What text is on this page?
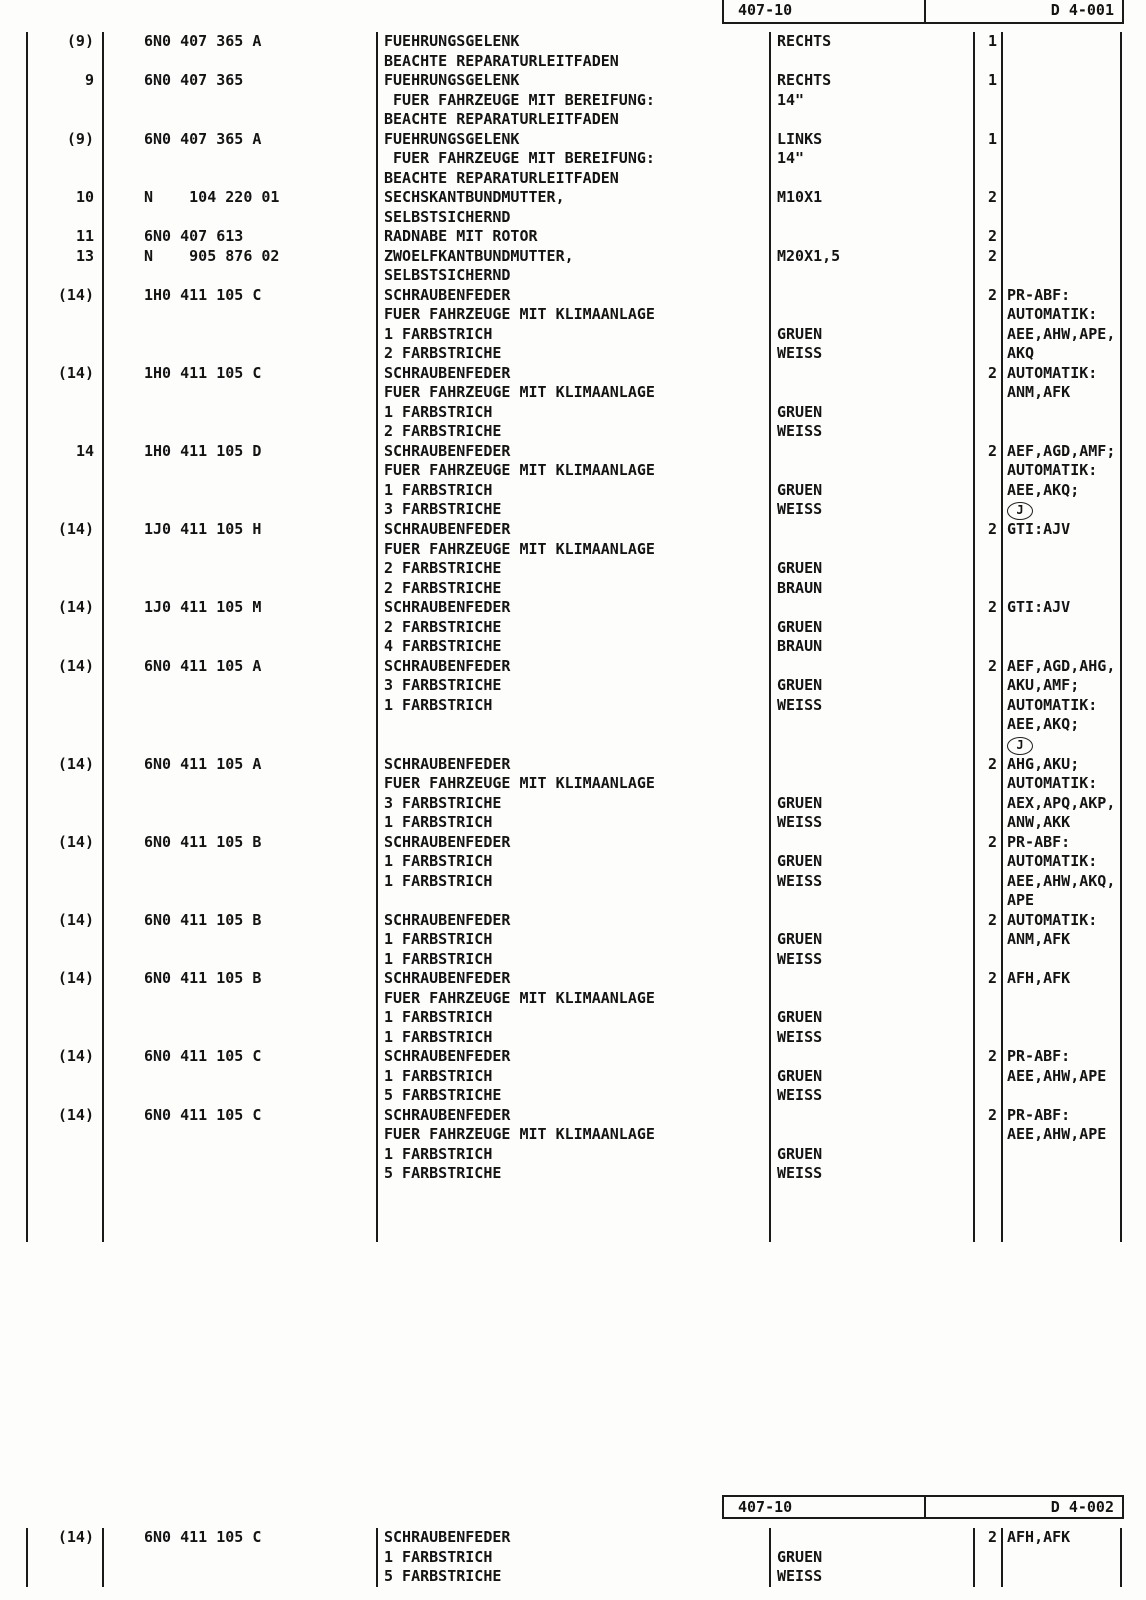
407-10	D 4-001
	(9)	6N0 407 365 A	FUEHRUNGSGELENK	RECHTS	1		
			BEACHTE REPARATURLEITFADEN				
	9	6N0 407 365	FUEHRUNGSGELENK	RECHTS	1		
			FUER FAHRZEUGE MIT BEREIFUNG:	14"			
			BEACHTE REPARATURLEITFADEN				
	(9)	6N0 407 365 A	FUEHRUNGSGELENK	LINKS	1		
			FUER FAHRZEUGE MIT BEREIFUNG:	14"			
			BEACHTE REPARATURLEITFADEN				
	10	N    104 220 01	SECHSKANTBUNDMUTTER,	M10X1	2		
			SELBSTSICHERND				
	11	6N0 407 613	RADNABE MIT ROTOR		2		
	13	N    905 876 02	ZWOELFKANTBUNDMUTTER,	M20X1,5	2		
			SELBSTSICHERND				
	(14)	1H0 411 105 C	SCHRAUBENFEDER		2	PR-ABF:	
			FUER FAHRZEUGE MIT KLIMAANLAGE			AUTOMATIK:	
			1 FARBSTRICH	GRUEN		AEE,AHW,APE,	
			2 FARBSTRICHE	WEISS		AKQ	
	(14)	1H0 411 105 C	SCHRAUBENFEDER		2	AUTOMATIK:	
			FUER FAHRZEUGE MIT KLIMAANLAGE			ANM,AFK	
			1 FARBSTRICH	GRUEN			
			2 FARBSTRICHE	WEISS			
	14	1H0 411 105 D	SCHRAUBENFEDER		2	AEF,AGD,AMF;	
			FUER FAHRZEUGE MIT KLIMAANLAGE			AUTOMATIK:	
			1 FARBSTRICH	GRUEN		AEE,AKQ;	
			3 FARBSTRICHE	WEISS		J	
	(14)	1J0 411 105 H	SCHRAUBENFEDER		2	GTI:AJV	
			FUER FAHRZEUGE MIT KLIMAANLAGE				
			2 FARBSTRICHE	GRUEN			
			2 FARBSTRICHE	BRAUN			
	(14)	1J0 411 105 M	SCHRAUBENFEDER		2	GTI:AJV	
			2 FARBSTRICHE	GRUEN			
			4 FARBSTRICHE	BRAUN			
	(14)	6N0 411 105 A	SCHRAUBENFEDER		2	AEF,AGD,AHG,	
			3 FARBSTRICHE	GRUEN		AKU,AMF;	
			1 FARBSTRICH	WEISS		AUTOMATIK:	
						AEE,AKQ;	
						J	
	(14)	6N0 411 105 A	SCHRAUBENFEDER		2	AHG,AKU;	
			FUER FAHRZEUGE MIT KLIMAANLAGE			AUTOMATIK:	
			3 FARBSTRICHE	GRUEN		AEX,APQ,AKP,	
			1 FARBSTRICH	WEISS		ANW,AKK	
	(14)	6N0 411 105 B	SCHRAUBENFEDER		2	PR-ABF:	
			1 FARBSTRICH	GRUEN		AUTOMATIK:	
			1 FARBSTRICH	WEISS		AEE,AHW,AKQ,	
						APE	
	(14)	6N0 411 105 B	SCHRAUBENFEDER		2	AUTOMATIK:	
			1 FARBSTRICH	GRUEN		ANM,AFK	
			1 FARBSTRICH	WEISS			
	(14)	6N0 411 105 B	SCHRAUBENFEDER		2	AFH,AFK	
			FUER FAHRZEUGE MIT KLIMAANLAGE				
			1 FARBSTRICH	GRUEN			
			1 FARBSTRICH	WEISS			
	(14)	6N0 411 105 C	SCHRAUBENFEDER		2	PR-ABF:	
			1 FARBSTRICH	GRUEN		AEE,AHW,APE	
			5 FARBSTRICHE	WEISS			
	(14)	6N0 411 105 C	SCHRAUBENFEDER		2	PR-ABF:	
			FUER FAHRZEUGE MIT KLIMAANLAGE			AEE,AHW,APE	
			1 FARBSTRICH	GRUEN			
			5 FARBSTRICHE	WEISS			

407-10	D 4-002
	(14)	6N0 411 105 C	SCHRAUBENFEDER		2	AFH,AFK	
			1 FARBSTRICH	GRUEN			
			5 FARBSTRICHE	WEISS			
